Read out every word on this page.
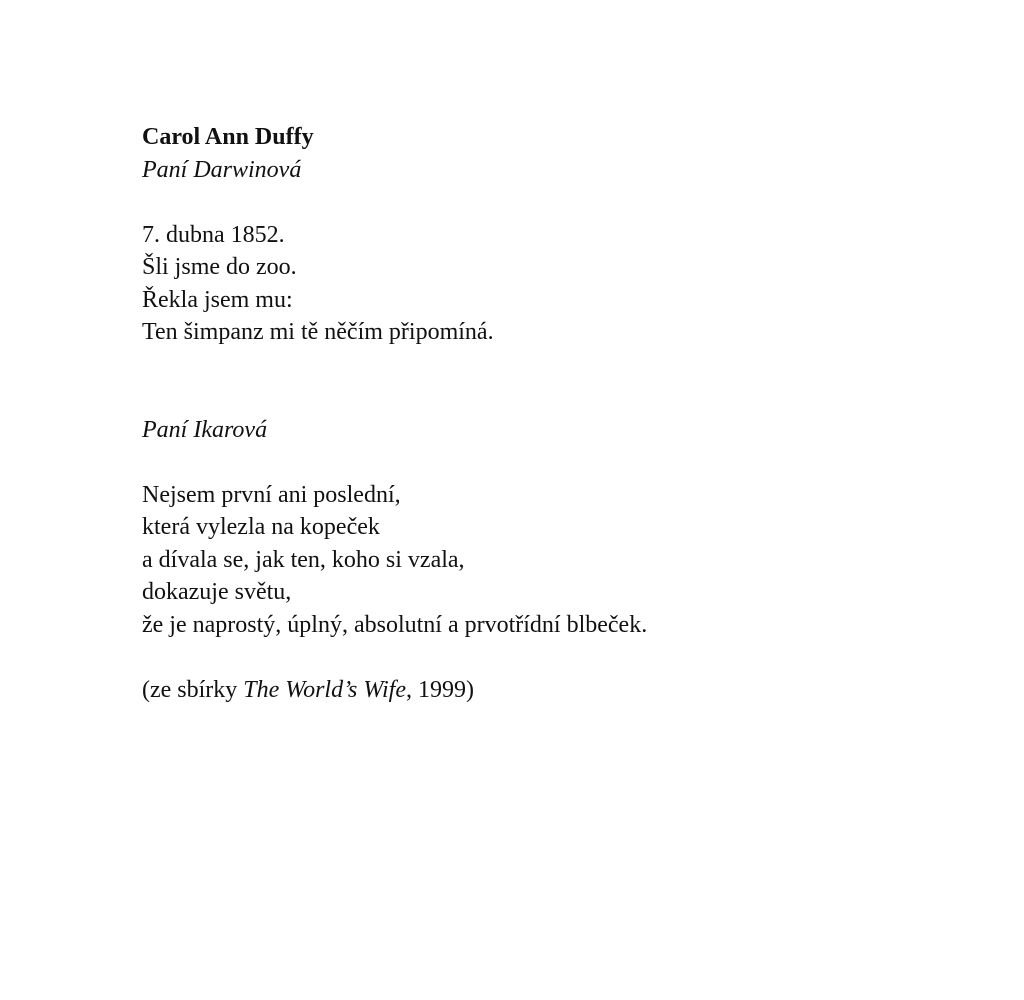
Carol Ann Duffy
Paní Darwinová
7. dubna 1852.
Šli jsme do zoo.
Řekla jsem mu:
Ten šimpanz mi tě něčím připomíná.
Paní Ikarová
Nejsem první ani poslední,
která vylezla na kopeček
a dívala se, jak ten, koho si vzala,
dokazuje světu,
že je naprostý, úplný, absolutní a prvotřídní blbeček.
(ze sbírky The World’s Wife, 1999)
